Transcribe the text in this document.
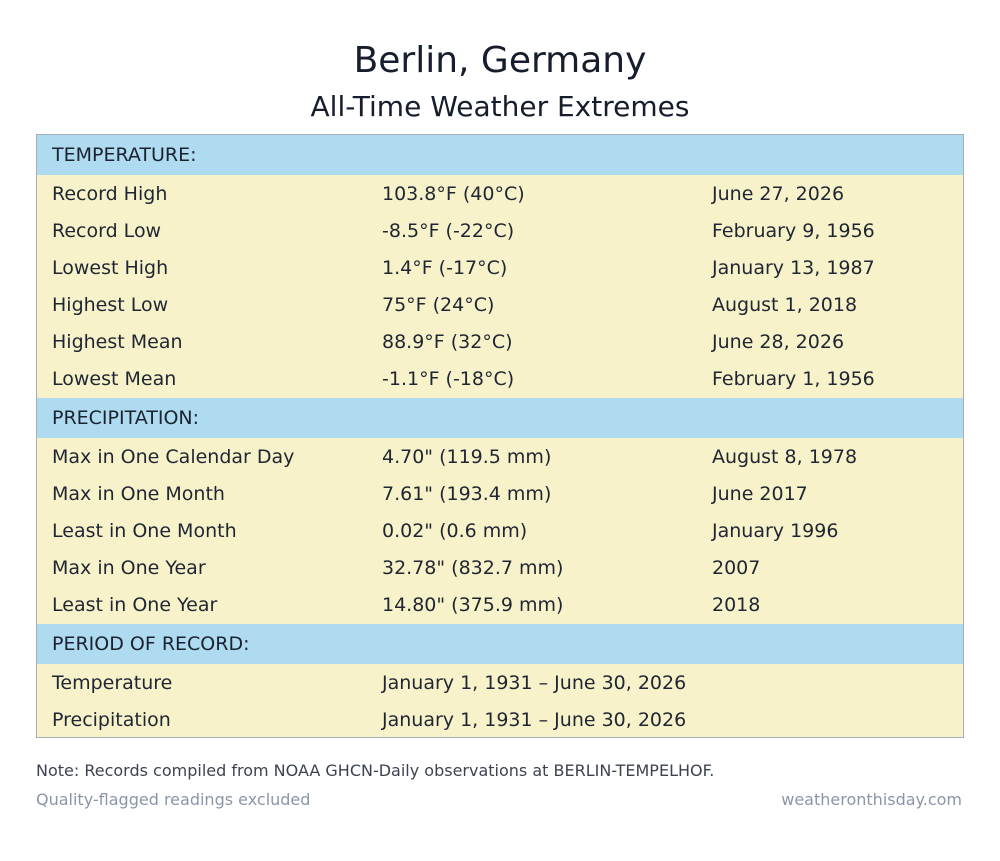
Berlin, Germany
All-Time Weather Extremes
TEMPERATURE:
Record High	103.8°F (40°C)	June 27, 2026
Record Low	-8.5°F (-22°C)	February 9, 1956
Lowest High	1.4°F (-17°C)	January 13, 1987
Highest Low	75°F (24°C)	August 1, 2018
Highest Mean	88.9°F (32°C)	June 28, 2026
Lowest Mean	-1.1°F (-18°C)	February 1, 1956
PRECIPITATION:
Max in One Calendar Day	4.70" (119.5 mm)	August 8, 1978
Max in One Month	7.61" (193.4 mm)	June 2017
Least in One Month	0.02" (0.6 mm)	January 1996
Max in One Year	32.78" (832.7 mm)	2007
Least in One Year	14.80" (375.9 mm)	2018
PERIOD OF RECORD:
Temperature	January 1, 1931 – June 30, 2026
Precipitation	January 1, 1931 – June 30, 2026
Note: Records compiled from NOAA GHCN-Daily observations at BERLIN-TEMPELHOF.
Quality-flagged readings excluded	weatheronthisday.com
